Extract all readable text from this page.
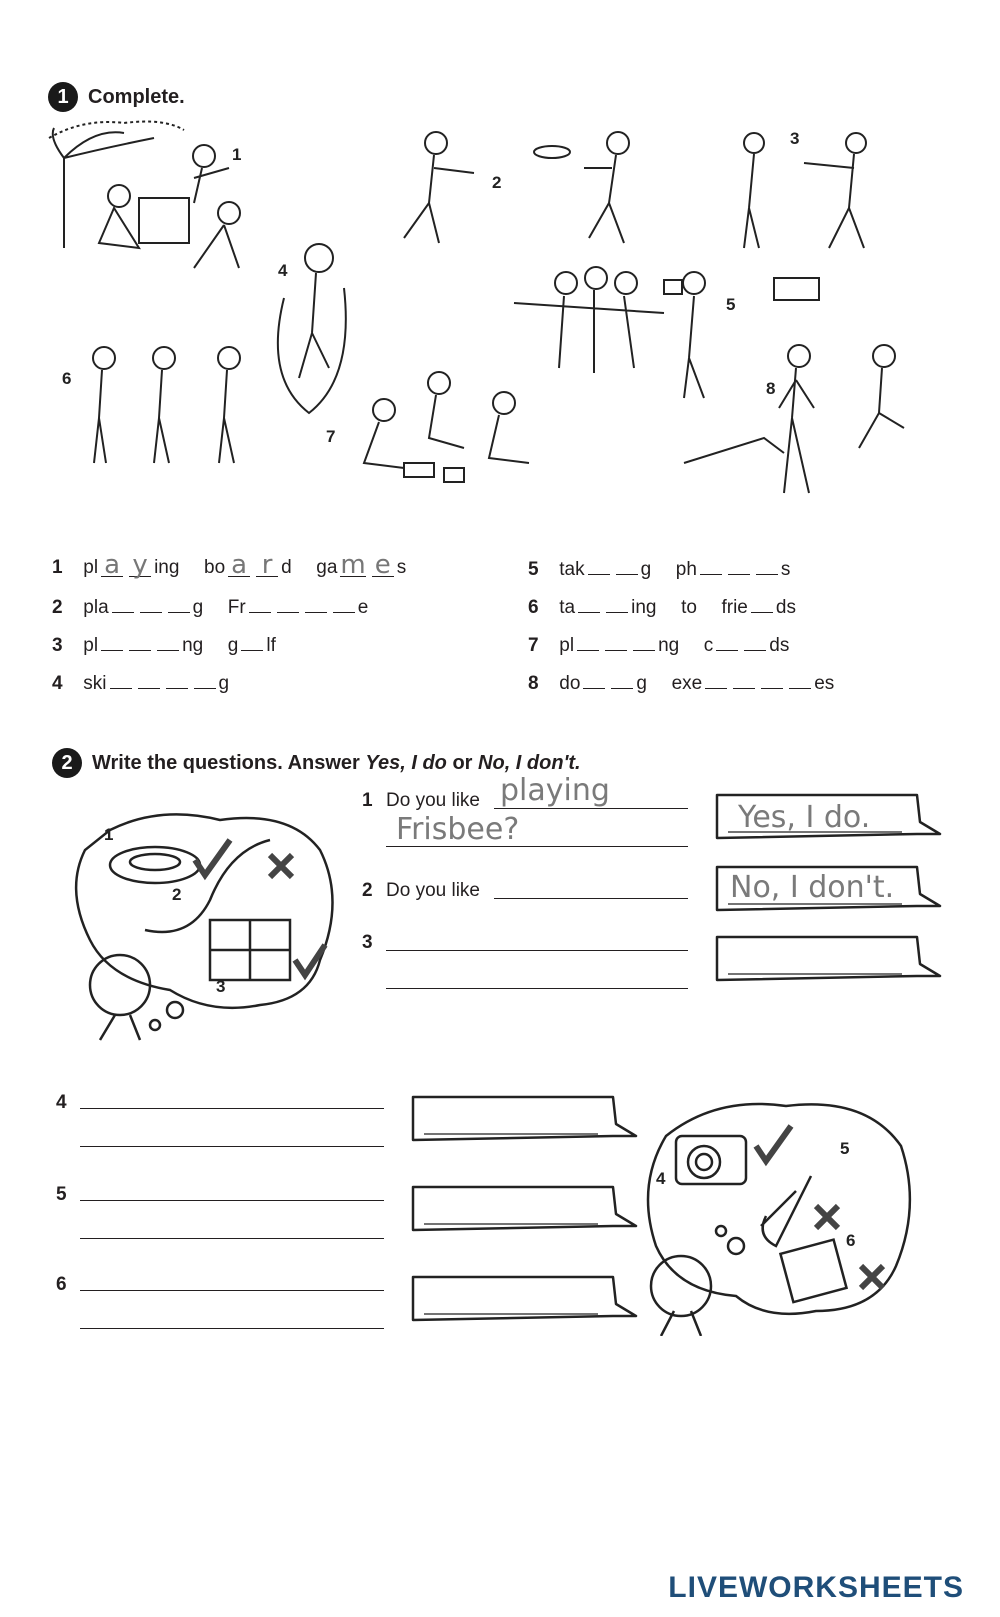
1 Complete.
1
2
3
4
5
6
7
8
1 pl a y ing bo a r d ga m e s
2 pla	g Fr	e
3 pl	ng g lf
4 ski	g
5 tak	g ph	s
6 ta	ing to frie ds
7 pl	ng c	ds
8 do	g exe	es
2 Write the questions. Answer Yes, I do or No, I don't.
1
2
3
1 Do you like playing
Frisbee?
2 Do you like
3
Yes, I do.
No, I don't.
4
5
6
4
5
6
LIVEWORKSHEETS
